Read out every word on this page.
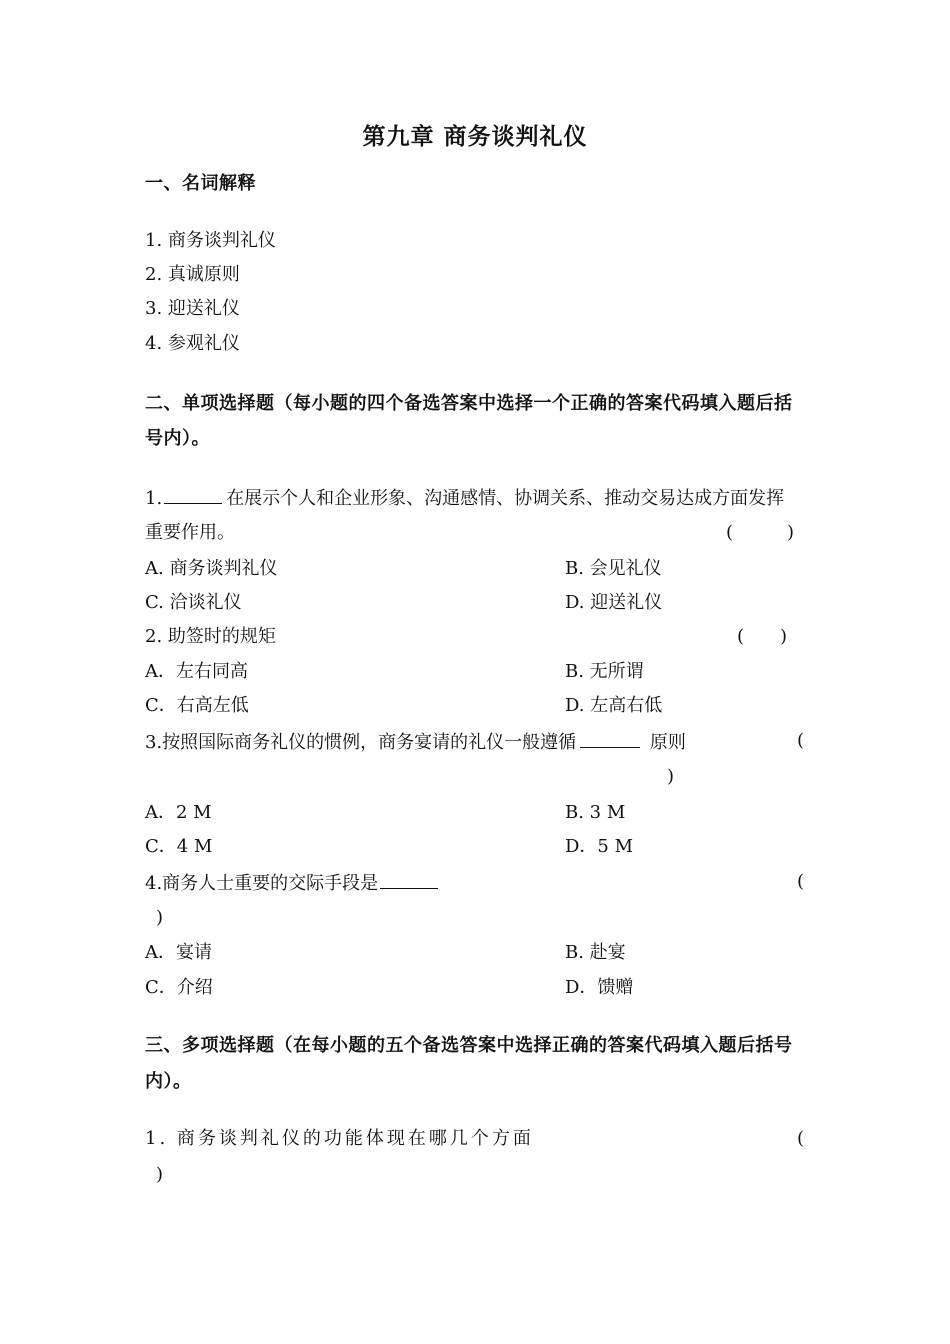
第九章 商务谈判礼仪
一、名词解释
1. 商务谈判礼仪
2. 真诚原则
3. 迎送礼仪
4. 参观礼仪
二、单项选择题（每小题的四个备选答案中选择一个正确的答案代码填入题后括
号内）。
1.	在展示个人和企业形象、沟通感情、协调关系、推动交易达成方面发挥
重要作用。	(　　　)
A. 商务谈判礼仪	B. 会见礼仪
C. 洽谈礼仪	D. 迎送礼仪
2. 助签时的规矩	(　　)
A．左右同高	B. 无所谓
C．右高左低	D. 左高右低
3.按照国际商务礼仪的惯例，商务宴请的礼仪一般遵循	原则	(
)
A．2 M	B. 3 M
C．4 M	D．5 M
4.商务人士重要的交际手段是	(
)
A．宴请	B. 赴宴
C．介绍	D．馈赠
三、多项选择题（在每小题的五个备选答案中选择正确的答案代码填入题后括号
内）。
1. 商务谈判礼仪的功能体现在哪几个方面	(
)
